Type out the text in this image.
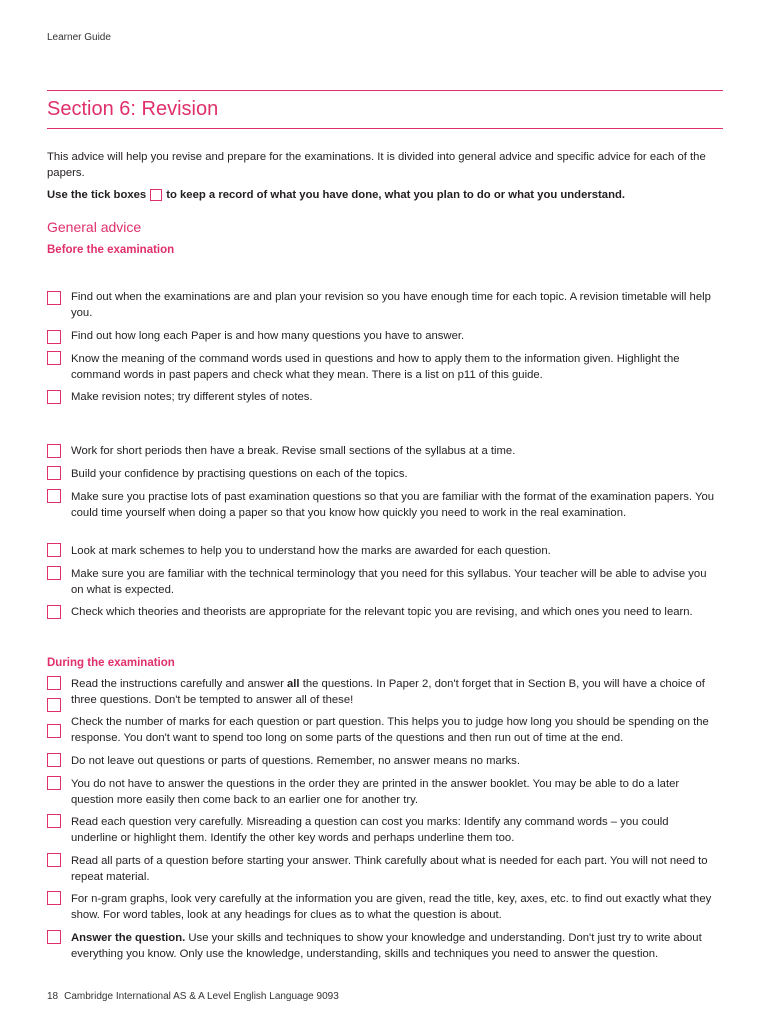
Learner Guide
Section 6: Revision
This advice will help you revise and prepare for the examinations. It is divided into general advice and specific advice for each of the papers.
Use the tick boxes to keep a record of what you have done, what you plan to do or what you understand.
General advice
Before the examination
Find out when the examinations are and plan your revision so you have enough time for each topic. A revision timetable will help you.
Find out how long each Paper is and how many questions you have to answer.
Know the meaning of the command words used in questions and how to apply them to the information given. Highlight the command words in past papers and check what they mean. There is a list on p11 of this guide.
Make revision notes; try different styles of notes.
Work for short periods then have a break. Revise small sections of the syllabus at a time.
Build your confidence by practising questions on each of the topics.
Make sure you practise lots of past examination questions so that you are familiar with the format of the examination papers. You could time yourself when doing a paper so that you know how quickly you need to work in the real examination.
Look at mark schemes to help you to understand how the marks are awarded for each question.
Make sure you are familiar with the technical terminology that you need for this syllabus. Your teacher will be able to advise you on what is expected.
Check which theories and theorists are appropriate for the relevant topic you are revising, and which ones you need to learn.
During the examination
Read the instructions carefully and answer all the questions. In Paper 2, don't forget that in Section B, you will have a choice of three questions. Don't be tempted to answer all of these!
Check the number of marks for each question or part question. This helps you to judge how long you should be spending on the response. You don't want to spend too long on some parts of the questions and then run out of time at the end.
Do not leave out questions or parts of questions. Remember, no answer means no marks.
You do not have to answer the questions in the order they are printed in the answer booklet. You may be able to do a later question more easily then come back to an earlier one for another try.
Read each question very carefully. Misreading a question can cost you marks: Identify any command words – you could underline or highlight them. Identify the other key words and perhaps underline them too.
Read all parts of a question before starting your answer. Think carefully about what is needed for each part. You will not need to repeat material.
For n-gram graphs, look very carefully at the information you are given, read the title, key, axes, etc. to find out exactly what they show. For word tables, look at any headings for clues as to what the question is about.
Answer the question. Use your skills and techniques to show your knowledge and understanding. Don't just try to write about everything you know. Only use the knowledge, understanding, skills and techniques you need to answer the question.
18 Cambridge International AS & A Level English Language 9093
